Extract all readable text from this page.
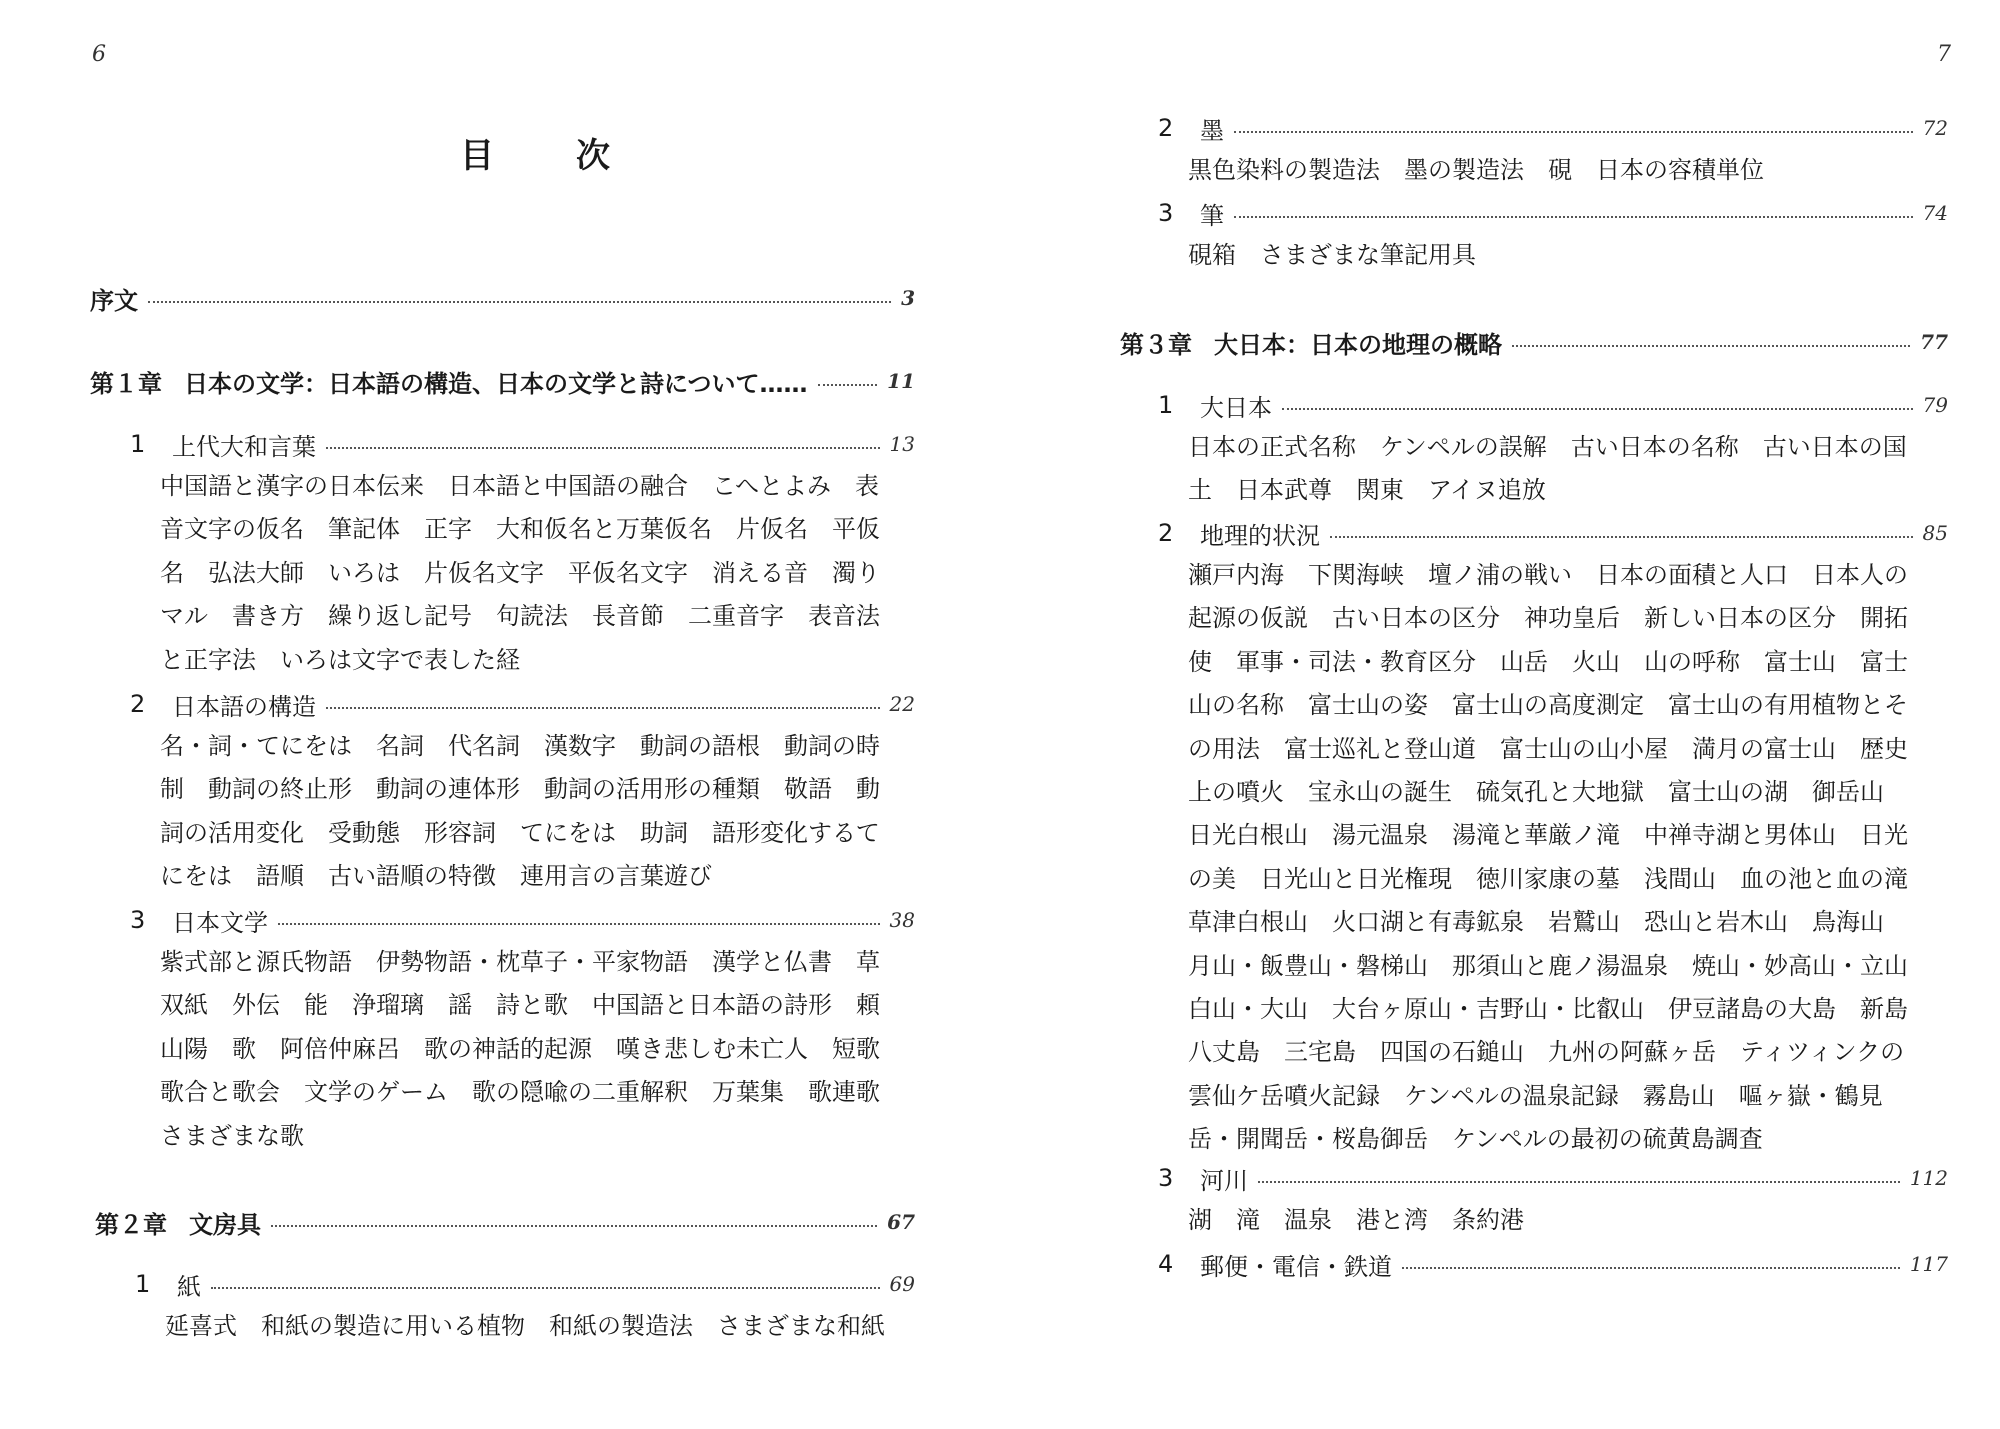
6
目　次
序文	3
第１章 日本の文学：日本語の構造、日本の文学と詩について……	11
1	上代大和言葉	13

中国語と漢字の日本伝来　日本語と中国語の融合　こへとよみ　表 音文字の仮名　筆記体　正字　大和仮名と万葉仮名　片仮名　平仮 名　弘法大師　いろは　片仮名文字　平仮名文字　消える音　濁り マル　書き方　繰り返し記号　句読法　長音節　二重音字　表音法 と正字法　いろは文字で表した経

2	日本語の構造	22

名・詞・てにをは　名詞　代名詞　漢数字　動詞の語根　動詞の時 制　動詞の終止形　動詞の連体形　動詞の活用形の種類　敬語　動 詞の活用変化　受動態　形容詞　てにをは　助詞　語形変化するて にをは　語順　古い語順の特徴　連用言の言葉遊び

3	日本文学	38

紫式部と源氏物語　伊勢物語・枕草子・平家物語　漢学と仏書　草 双紙　外伝　能　浄瑠璃　謡　詩と歌　中国語と日本語の詩形　頼 山陽　歌　阿倍仲麻呂　歌の神話的起源　嘆き悲しむ未亡人　短歌 歌合と歌会　文学のゲーム　歌の隠喩の二重解釈　万葉集　歌連歌 さまざまな歌

第２章 文房具	67
1	紙	69

延喜式　和紙の製造に用いる植物　和紙の製造法　さまざまな和紙

7
2	墨	72

黒色染料の製造法　墨の製造法　硯　日本の容積単位

3	筆	74

硯箱　さまざまな筆記用具

第３章 大日本：日本の地理の概略	77
1	大日本	79

日本の正式名称　ケンペルの誤解　古い日本の名称　古い日本の国 土　日本武尊　関東　アイヌ追放

2	地理的状況	85

瀬戸内海　下関海峡　壇ノ浦の戦い　日本の面積と人口　日本人の 起源の仮説　古い日本の区分　神功皇后　新しい日本の区分　開拓 使　軍事・司法・教育区分　山岳　火山　山の呼称　富士山　富士 山の名称　富士山の姿　富士山の高度測定　富士山の有用植物とそ の用法　富士巡礼と登山道　富士山の山小屋　満月の富士山　歴史 上の噴火　宝永山の誕生　硫気孔と大地獄　富士山の湖　御岳山 日光白根山　湯元温泉　湯滝と華厳ノ滝　中禅寺湖と男体山　日光 の美　日光山と日光権現　徳川家康の墓　浅間山　血の池と血の滝 草津白根山　火口湖と有毒鉱泉　岩鷲山　恐山と岩木山　鳥海山 月山・飯豊山・磐梯山　那須山と鹿ノ湯温泉　焼山・妙高山・立山 白山・大山　大台ヶ原山・吉野山・比叡山　伊豆諸島の大島　新島 八丈島　三宅島　四国の石鎚山　九州の阿蘇ヶ岳　ティツィンクの 雲仙ケ岳噴火記録　ケンペルの温泉記録　霧島山　嘔ヶ嶽・鶴見 岳・開聞岳・桜島御岳　ケンペルの最初の硫黄島調査

3	河川	112

湖　滝　温泉　港と湾　条約港

4	郵便・電信・鉄道	117
